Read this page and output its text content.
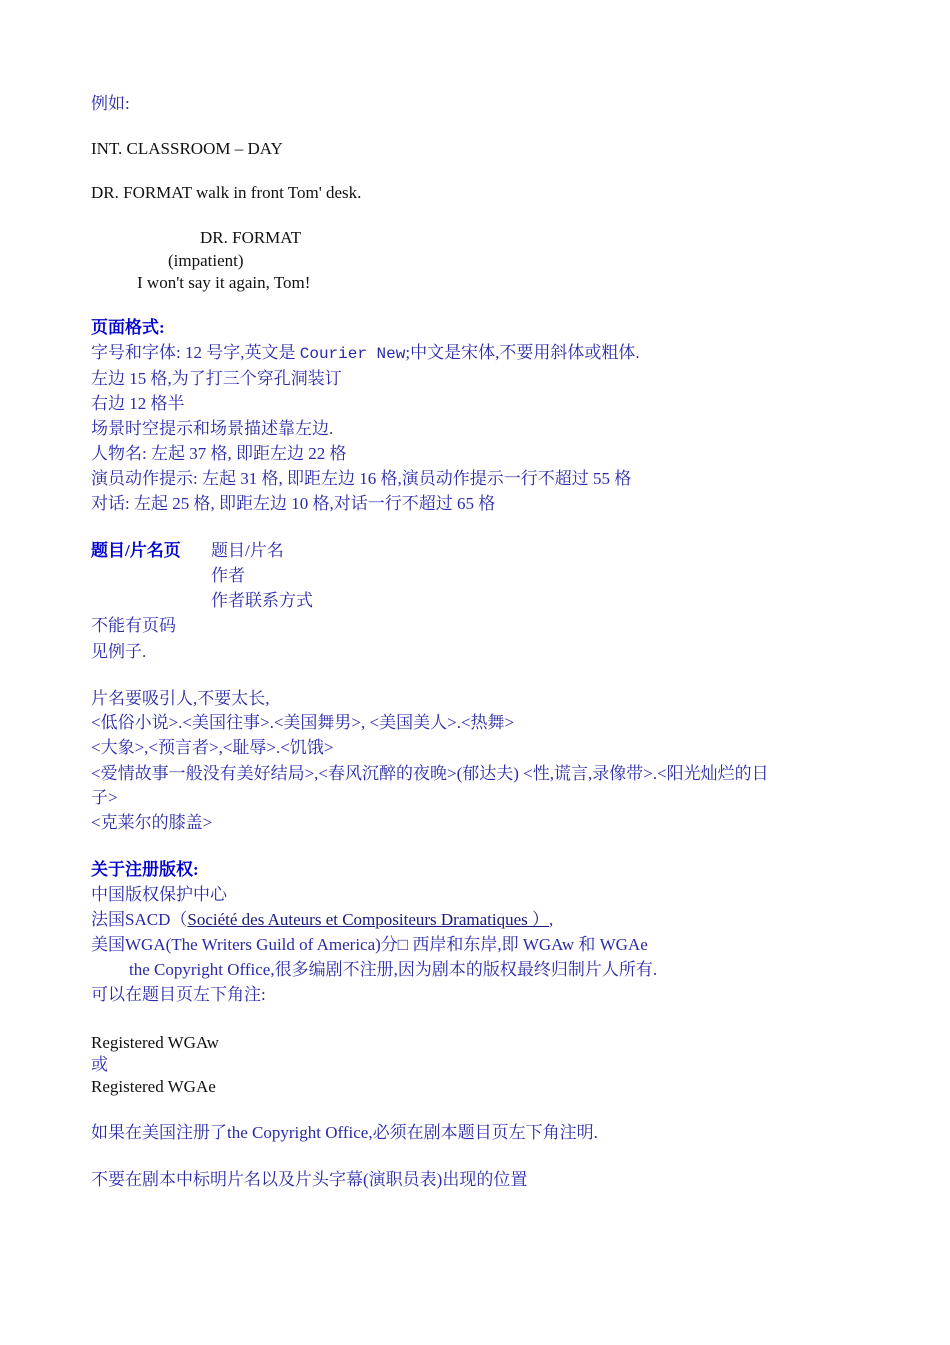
例如:
INT. CLASSROOM – DAY
DR. FORMAT walk in front Tom' desk.
DR. FORMAT
(impatient)
I won't say it again, Tom!
页面格式:
字号和字体: 12 号字,英文是 Courier New;中文是宋体,不要用斜体或粗体.
左边 15 格,为了打三个穿孔洞装订
右边 12 格半
场景时空提示和场景描述靠左边.
人物名: 左起 37 格, 即距左边 22 格
演员动作提示: 左起 31 格, 即距左边 16 格,演员动作提示一行不超过 55 格
对话: 左起 25 格, 即距左边 10 格,对话一行不超过 65 格
题目/片名页 题目/片名
作者
作者联系方式
不能有页码
见例子.
片名要吸引人,不要太长,
<低俗小说>.<美国往事>.<美国舞男>, <美国美人>.<热舞>
<大象>,<预言者>,<耻辱>.<饥饿>
<爱情故事一般没有美好结局>,<春风沉醉的夜晚>(郁达夫) <性,谎言,录像带>.<阳光灿烂的日
子>
<克莱尔的膝盖>
关于注册版权:
中国版权保护中心
法国SACD（Société des Auteurs et Compositeurs Dramatiques ）,
美国WGA(The Writers Guild of America)分□ 西岸和东岸,即 WGAw 和 WGAe
the Copyright Office,很多编剧不注册,因为剧本的版权最终归制片人所有.
可以在题目页左下角注:
Registered WGAw
或
Registered WGAe
如果在美国注册了the Copyright Office,必须在剧本题目页左下角注明.
不要在剧本中标明片名以及片头字幕(演职员表)出现的位置
